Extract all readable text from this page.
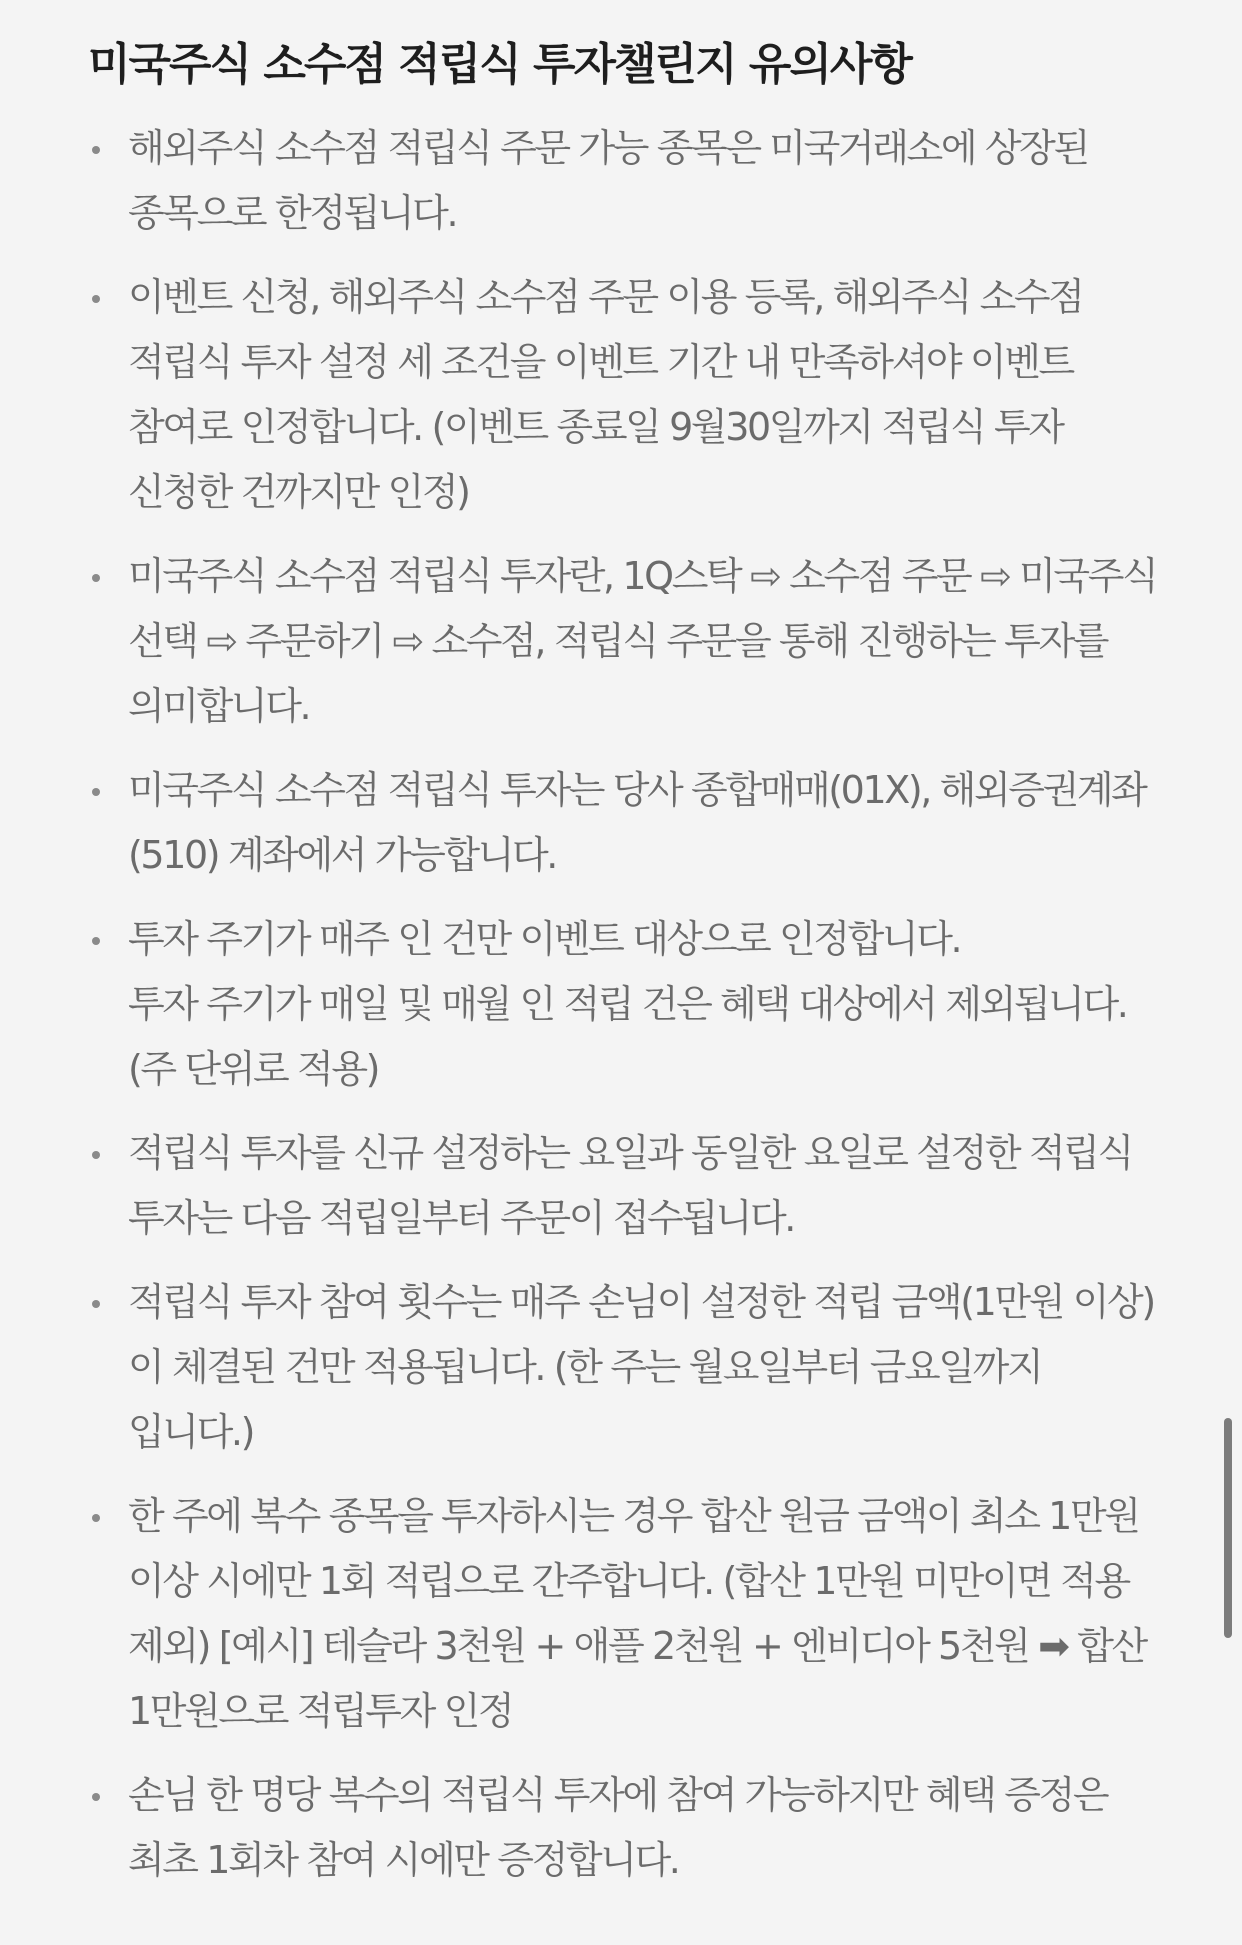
미국주식 소수점 적립식 투자챌린지 유의사항
해외주식 소수점 적립식 주문 가능 종목은 미국거래소에 상장된 종목으로 한정됩니다.
이벤트 신청, 해외주식 소수점 주문 이용 등록, 해외주식 소수점 적립식 투자 설정 세 조건을 이벤트 기간 내 만족하셔야 이벤트 참여로 인정합니다. (이벤트 종료일 9월30일까지 적립식 투자 신청한 건까지만 인정)
미국주식 소수점 적립식 투자란, 1Q스탁 ⇨ 소수점 주문 ⇨ 미국주식 선택 ⇨ 주문하기 ⇨ 소수점, 적립식 주문을 통해 진행하는 투자를 의미합니다.
미국주식 소수점 적립식 투자는 당사 종합매매(01X), 해외증권계좌(510) 계좌에서 가능합니다.
투자 주기가 매주 인 건만 이벤트 대상으로 인정합니다.
투자 주기가 매일 및 매월 인 적립 건은 혜택 대상에서 제외됩니다. (주 단위로 적용)
적립식 투자를 신규 설정하는 요일과 동일한 요일로 설정한 적립식 투자는 다음 적립일부터 주문이 접수됩니다.
적립식 투자 참여 횟수는 매주 손님이 설정한 적립 금액(1만원 이상)이 체결된 건만 적용됩니다. (한 주는 월요일부터 금요일까지 입니다.)
한 주에 복수 종목을 투자하시는 경우 합산 원금 금액이 최소 1만원 이상 시에만 1회 적립으로 간주합니다. (합산 1만원 미만이면 적용 제외) [예시] 테슬라 3천원 + 애플 2천원 + 엔비디아 5천원 ➡ 합산 1만원으로 적립투자 인정
손님 한 명당 복수의 적립식 투자에 참여 가능하지만 혜택 증정은 최초 1회차 참여 시에만 증정합니다.
